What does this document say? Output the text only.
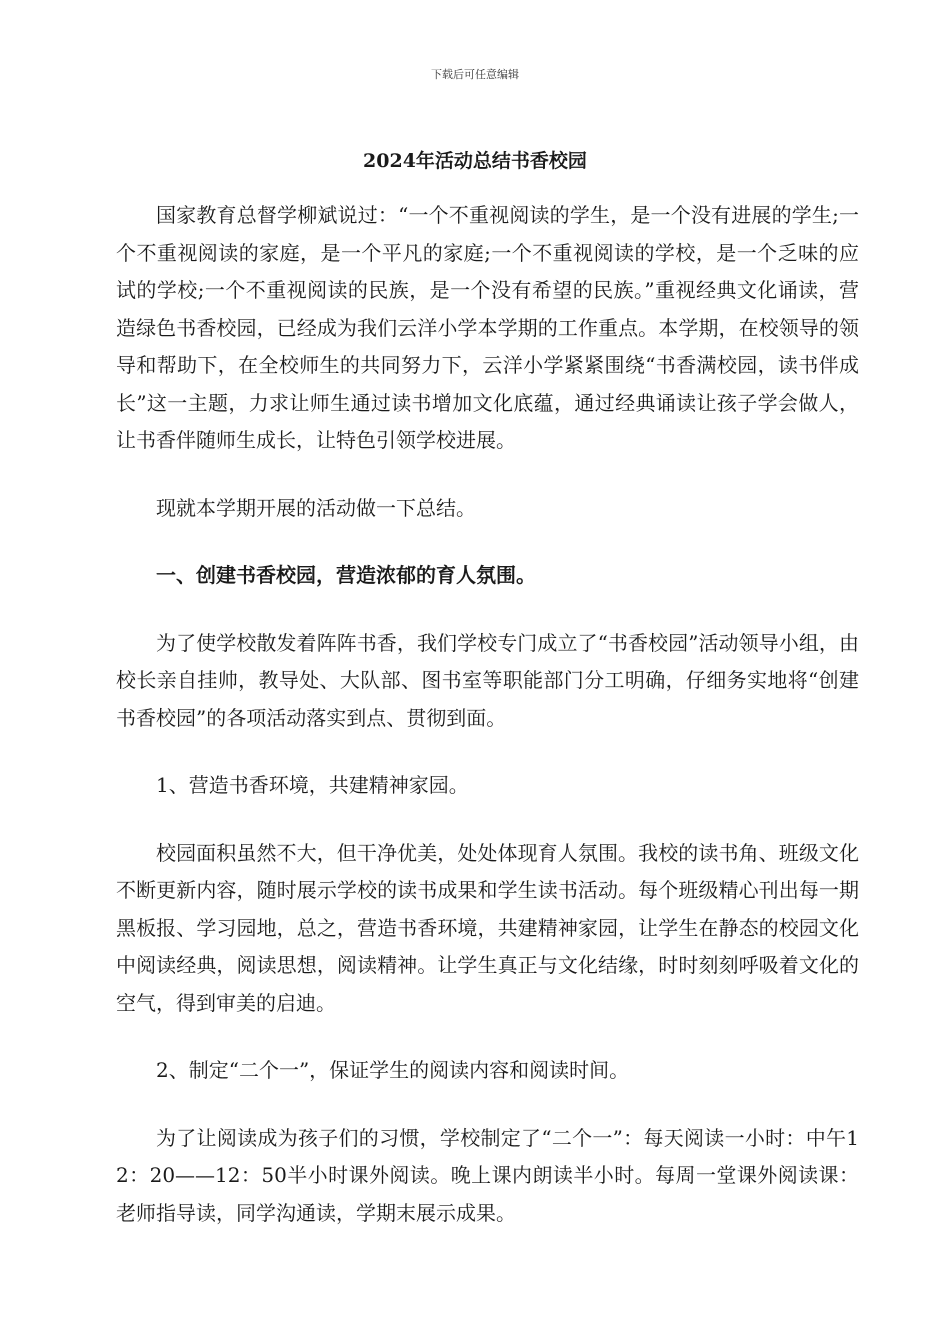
下载后可任意编辑
2024年活动总结书香校园

国家教育总督学柳斌说过：“一个不重视阅读的学生，是一个没有进展的学生;一个不重视阅读的家庭，是一个平凡的家庭;一个不重视阅读的学校，是一个乏味的应试的学校;一个不重视阅读的民族，是一个没有希望的民族。”重视经典文化诵读，营造绿色书香校园，已经成为我们云洋小学本学期的工作重点。本学期，在校领导的领导和帮助下，在全校师生的共同努力下，云洋小学紧紧围绕“书香满校园，读书伴成长”这一主题，力求让师生通过读书增加文化底蕴，通过经典诵读让孩子学会做人，让书香伴随师生成长，让特色引领学校进展。

现就本学期开展的活动做一下总结。

一、创建书香校园，营造浓郁的育人氛围。

为了使学校散发着阵阵书香，我们学校专门成立了“书香校园”活动领导小组，由校长亲自挂帅，教导处、大队部、图书室等职能部门分工明确，仔细务实地将“创建书香校园”的各项活动落实到点、贯彻到面。

1、营造书香环境，共建精神家园。

校园面积虽然不大，但干净优美，处处体现育人氛围。我校的读书角、班级文化不断更新内容，随时展示学校的读书成果和学生读书活动。每个班级精心刊出每一期黑板报、学习园地，总之，营造书香环境，共建精神家园，让学生在静态的校园文化中阅读经典，阅读思想，阅读精神。让学生真正与文化结缘，时时刻刻呼吸着文化的空气，得到审美的启迪。

2、制定“二个一”，保证学生的阅读内容和阅读时间。

为了让阅读成为孩子们的习惯，学校制定了“二个一”：每天阅读一小时：中午12：20——12：50半小时课外阅读。晚上课内朗读半小时。每周一堂课外阅读课：老师指导读，同学沟通读，学期末展示成果。
